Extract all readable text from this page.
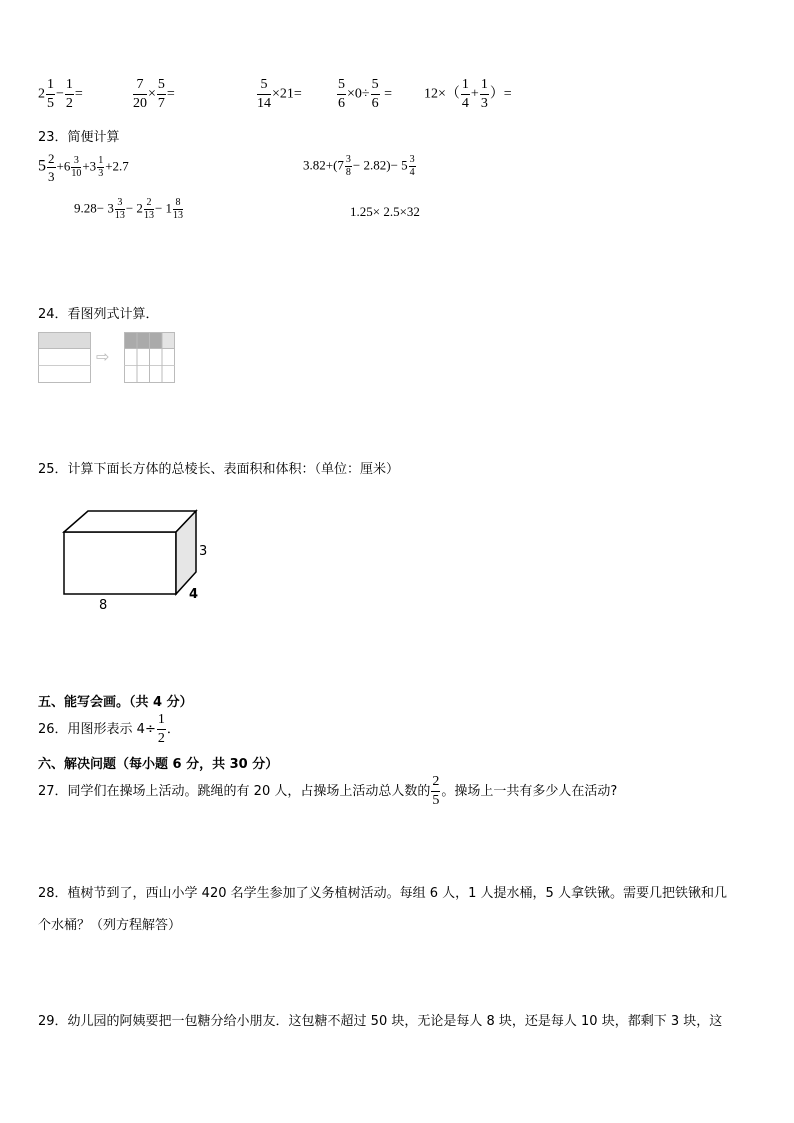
$2 \frac{1}{5} - \frac{1}{2}$ =	$\frac{7}{20} \times \frac{5}{7}$ =	$\frac{5}{14} \times 21=$	$\frac{5}{6} \times 0\div \frac{5}{6} = 12\times( \frac{1}{4} + \frac{1}{3}$ ）=
23．简便计算
$5 \frac{2}{3} +6 \frac{3}{10} +3 \frac{1}{3} +2.7$	$3.82+(7 \frac{3}{8} - 2.82)- 5 \frac{3}{4}$
$9.28- 3 \frac{3}{13} - 2 \frac{2}{13} - 1 \frac{8}{13}$	1.25× 2.5×32
24．看图列式计算．
⇨
25．计算下面长方体的总棱长、表面积和体积：（单位：厘米）
3
4
8
五、能写会画。（共 4 分）
26．用图形表示 $4\div \frac{1}{2}$ ．
六、解决问题（每小题 6 分，共 30 分）
27．同学们在操场上活动。跳绳的有 20 人，占操场上活动总人数的 $\frac{2}{5}$ 。操场上一共有多少人在活动?
28．植树节到了，西山小学 420 名学生参加了义务植树活动。每组 6 人，1 人提水桶，5 人拿铁锹。需要几把铁锹和几
个水桶？（列方程解答）
29．幼儿园的阿姨要把一包糖分给小朋友．这包糖不超过 50 块，无论是每人 8 块，还是每人 10 块，都剩下 3 块，这
